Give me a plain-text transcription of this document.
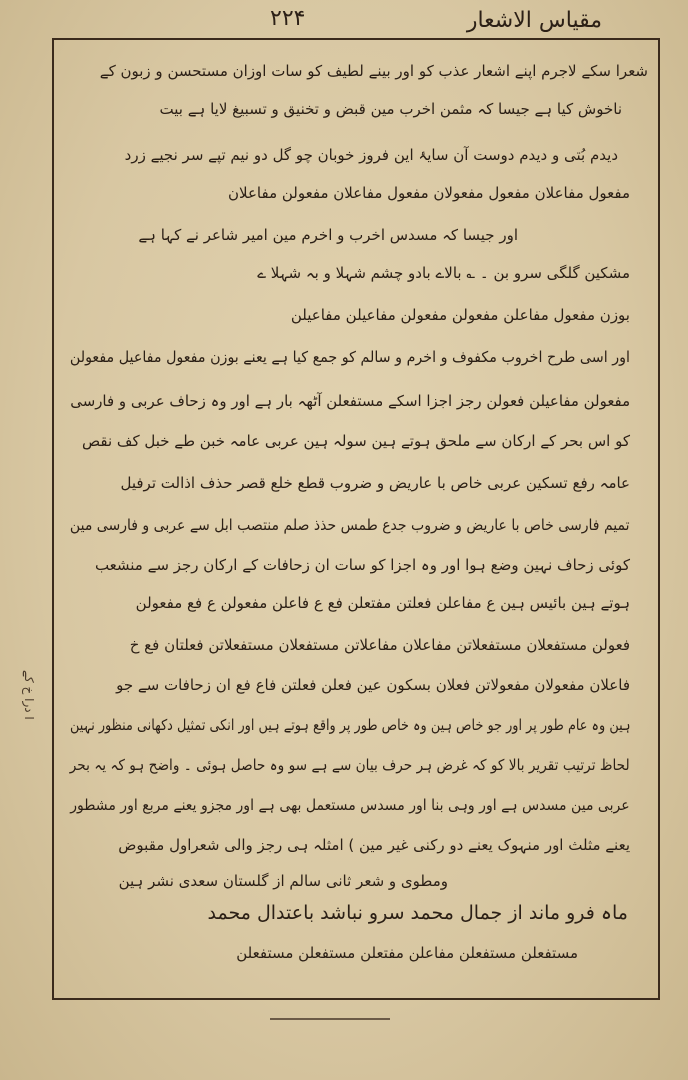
مقیاس الاشعار
۲۲۴
شعرا سکے لاجرم اپنے اشعار عذب کو اور بینے لطیف کو سات اوزان مستحسن و زبون کے
ناخوش کیا ہے جیسا کہ مثمن اخرب مین قبض و تخنیق و تسبیغ لایا ہے بیت
دیدم بُتی و دیدم دوست آن سایۂ این فروز خوبان چو گل دو نیم تپے سر نجیے زرد
مفعول مفاعلان مفعول مفعولان مفعول مفاعلان مفعولن مفاعلان
اور جیسا کہ مسدس اخرب و اخرم مین امیر شاعر نے کہا ہے
مشکین گلگی سرو بن ۔ ؎ بالاے بادو چشم شہلا و بہ شہلا ے
بوزن مفعول مفاعلن مفعولن مفعولن مفاعیلن مفاعیلن
اور اسی طرح اخروب مکفوف و اخرم و سالم کو جمع کیا ہے یعنے بوزن مفعول مفاعیل مفعولن
مفعولن مفاعیلن فعولن رجز اجزا اسکے مستفعلن آٹھہ بار ہے اور وہ زحاف عربی و فارسی
کو اس بحر کے ارکان سے ملحق ہوتے ہین سولہ ہین عربی عامہ خبن طے خبل کف نقص
عامہ رفع تسکین عربی خاص با عاریض و ضروب قطع خلع قصر حذف اذالت ترفیل
تمیم فارسی خاص با عاریض و ضروب جدع طمس حذذ صلم منتصب ابل سے عربی و فارسی مین
کوئی زحاف نہین وضع ہوا اور وہ اجزا کو سات ان زحافات کے ارکان رجز سے منشعب
ہوتے ہین بائیس ہین ع مفاعلن فعلتن مفتعلن فع ع فاعلن مفعولن ع فع مفعولن
فعولن مستفعلان مستفعلاتن مفاعلان مفاعلاتن مستفعلان مستفعلاتن فعلتان فع خ
فاعلان مفعولان مفعولاتن فعلان بسکون عین فعلن فعلتن فاع فع ان زحافات سے جو
ہین وہ عام طور پر اور جو خاص ہین وہ خاص طور پر واقع ہوتے ہیں اور انکی تمثیل دکھانی منظور نہین
لحاظ ترتیب تقریر بالا کو کہ غرض ہر حرف بیان سے ہے سو وہ حاصل ہوئی ۔ واضح ہو کہ یہ بحر
عربی مین مسدس ہے اور وہی بنا اور مسدس مستعمل بھی ہے اور مجزو یعنے مربع اور مشطور
یعنے مثلث اور منہوک یعنے دو رکنی غیر مین ) امثلہ ہی رجز والی شعراول مقبوض
ومطوی و شعر ثانی سالم از گلستان سعدی نشر ہین
ماہ فرو ماند از جمال محمد سرو نباشد باعتدال محمد
مستفعلن مستفعلن مفاعلن مفتعلن مستفعلن مستفعلن
ا درا خ کے
